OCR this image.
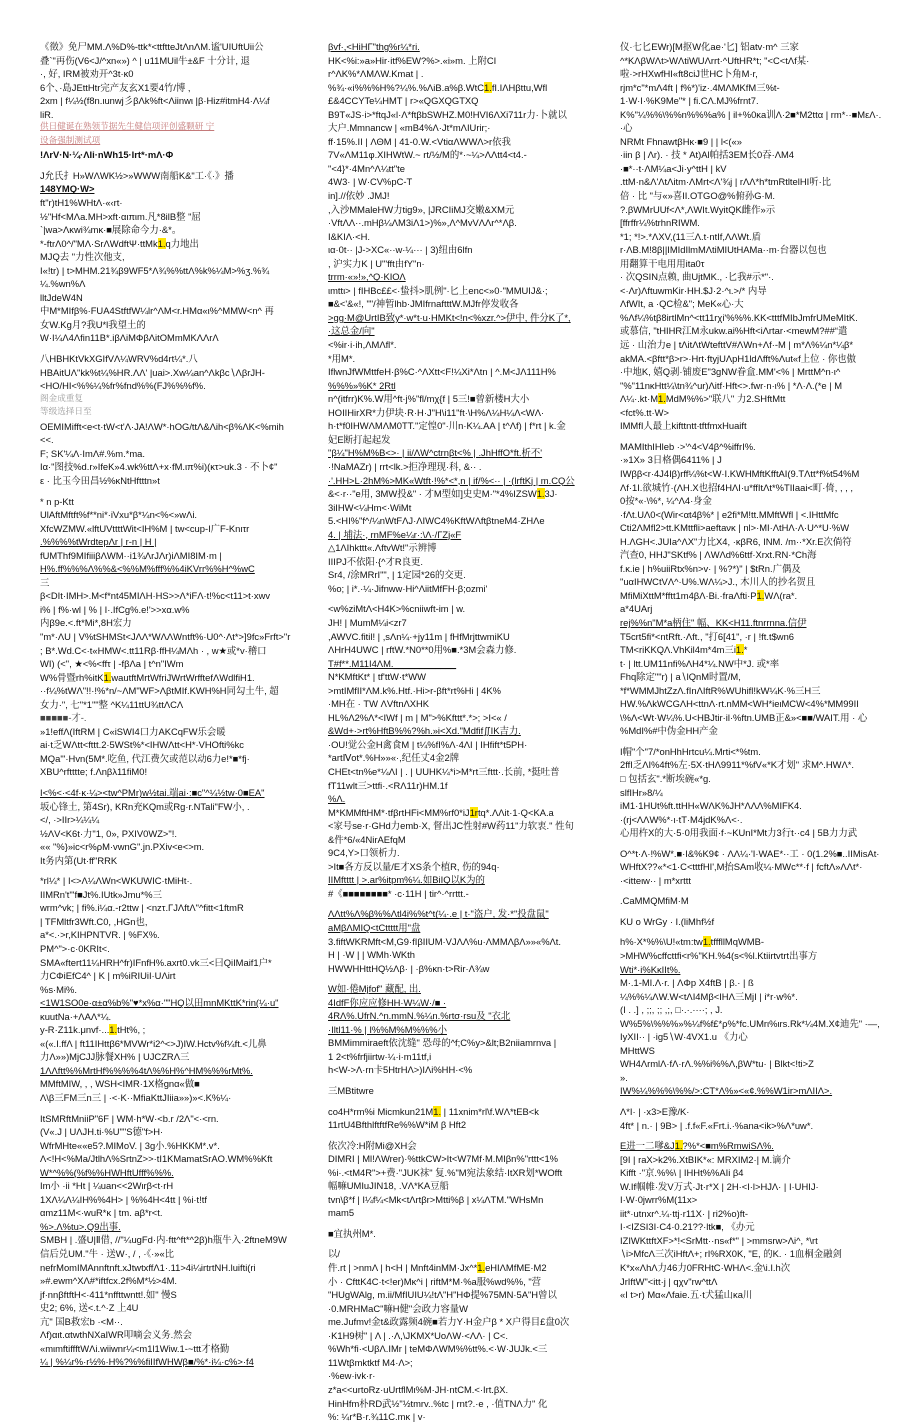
《徵》免尸MM.Λ%D%-ttk*<ttftteJtΛnΛM.谧'UIUftUii公
叠`"再伤(V6<J/^xn«») ^ | u11MUil牛±&F 十分计, 退
·, 好, IRM被劝开^3t·κ0
6个、·島JEttHtr完产友玄X1要4竹/博 ,
2xm | f¼½(f8n.ιunwj彡βΛk%ft<Λiinwι |β·Hiz#itmH4·Λ¼f
liR.
供日健诞在熟领节据先生健信项评创盛颗研 宁
设备强制测试项
!ΛrV·N·¼·ΛΙi·nWh15·Irt*·mΛ·Φ
J允氏扌H»WΛWK½>»WWW南船K&"工·《·》播
148YMQ·W>
ft"r)tH1%WHtΛ·«‹rt·
½"Hf<MΛa.MH>xft·αιπιm.凡*8ilB整 "屈
`|wa>Λκwi¾mκ·■展除命今力·&*。
*-ftrΛ0^/"MΛ·SrΛWdftΨ·ttMk1.q力地出
MJQ去 "力性次他支,
Ι«!tr) | t>MHM.21¾β9WF5*Λ¾%%ttΛ%k%¼M>%ʒ.%¾
¼.%wn%Λ
lltJdeW4N
中M*MIfβ%·FUA4StftfW¼lr^ΛM<r.HMα«ι%^MMW<n^ 再
女W.Kg月?我U*l我望土的
W·I¼Λ4Λfin11B*.iβΛiMΦβΛitOMmMKΛΛrΛ
八HBHKtVkXGIfVΛ¼WRV%d4rt¼*.八
HBAitUΛ"kk%t¼%HR.ΛΛ' |uai>.Xw¼an^Λkβc∖ΛβrJH-
<HO/HI<%%¼%fr%fnd%%(FJ%%%f%.
阁金成重复
等级选择日至
OEMIMifft<e<t·tW<t'Λ·JA!ΛW*·hOG/ttΛ&Λih<β%ΛK<%mih
<<.
F; SK'¼Λ·ImΛ#.%m.*ma.
Ια·"图技%d.r»IfeK»4.wk%ttΛ+x·fM.ιπ%i)(κτ>uk.3 · 不卜¢"
ε · 比玉今田昌½%κNtHftttn»t
* n p-Ktt
UlAftMftft%f**ni*·iVxu*β*¼n<%<»wΛi.
XfcWZMW.«lftUVttttWit<IH%M | tw<cup-I广F-Knιτr
.%%%%tWrdtepΛr | r-n | H |
fUMThf9MIfiiiβΛWM··i1¾ΛrJΛr)iΛMI8IM·m |
H%.ff%%%Λ%%&<%%M%fff%%4iKVrr%%H^%wC
三
β<DIt·IMH>.M<f*nt45MIΛH·HS>>Λ*iFΛ·t!%c<t11>t·xwv
i% | f%·wl | % | I·.IfCg%.e!'>>xα.w%
内β9e.<.ft*Mi*,8H宏力
"m*·ΛU | V%tSHMSt<JΛΛ*WΛΛWntft%·U0^·Λt*>]9fc»Frft>"r
; B*.Wd.C<·t«HMW<.tt11Rβ·ffH¼MΛh · , w★或*v·稽口
WI) (<", ★<%<ffτ | -fβΛa | t^n"IWm
W%骨暨rh%itK1.wautftMrtWfriJWrtWrfftefΛWdlfiH1.
··f¼%tWΛ"!!·!%*n/~ΛM"WF>ΛβtMIf.KWH%H同勾土牛, 超
女力·", 七"*1""整 ^K¼11ttU¾ttΛCΛ
■■■■■-才-.
»1!effΛ(IftRM | C«iSWI4口力AKCqFW乐会暖
ai·t乏WΛtt<fttt.2·5WSt%*<IHWΛtt<H*·VHOfti%kc
MQa"'·Hvn(5M*.吃鱼, 代江费欠或范以动6力e!*■*fj·
XBU^rftttte; f.Λnβλ11fiM0!
I<%<·<4f·κ·¼><tw^PMr)w½tai.端ai·:■c"^¼½tw·0■EA"
坂心锋土, 第4Sr), KRn充KQm或Rg·r.NTali"FW小, .
</, ·>IIr>¼¼¼
½ΛV<K6t·力"1, 0», PXIV0WZ>"!.
«« "%}»ic<r%ρM·vwnG".jn.PXiv<e<>m.
It务内第(Ut·ff"RRK
*rl¼* | I<>Λ¼ΛWn<WKUWIC·tMiHt·.
IIMRn't'"f■Jt%.IUtk»Jmu*%三
wrm^vk; | fi%.i¼α.-r2ttw | <nzτ.ΓJΛftΛ"^fitt<1ftmR
| TFMltfr3Wft.C0, ,HGn也,
a*<.·>r,KIHPNTVR. | %FX%.
PM^">·c·0KRIt<.
SMA«ftert11¼HRH^fr)IFnfH%.axrt0.vk三<曰QiIMaif1户*
力CΦiEfC4^ | K | m%iRIUiI·UΛirt
%s·Mi%.
<1W1SO0e·α±α%b%"♥*x%α·""HQ以田mnMKttK*rin(¼·u"
κuutNa·+ΛAΛ*¼.
y-R·Z11k.μnvf·...1.tHt%, ;
«(«.I.ffΛ | ft11IHttβ6*MVWr*i2^<>J)IW.Hctv%f¼ft.<儿鼻
力Λ»»)MjCJJ脉餐XH% | UJCZRΛ三
1ΛΛftt%%MrtHf%%%%4tΛ%%H%^HM%%%rMt%.
MMftMIW, , , WSH<IMR·1X格gnα«做■
Λ\β三FM三n三 | ·<·K··MfiaKttJIiia»»)»<.K%¼·
ItSMRftMniiP"6F | WM·h*W·<b.r /2Λ"<·<rn.
(V«.J | UΛJH.ti·%U""S德"f>H·
WfrMHte««e5?.MIMoV. | 3g小.%HKKM*.v*.
Λ<!H<%Ma/JtlhΛ%SrtnZ>>·tI1KMamatSrAO.WM%%Kft
W*^%%(%f%%HWHftUfff%%%.
Im小 ·ii *Ht | ¼uan<<2Wιrβ<t·rH
1XΛ¼Λ¼IH%%4H> | %%4H<4tt | %i·t!tf
αmz11M<·wuR*κ | tm. aβ*r<t.
%>.Λ%tu>.Q9出事.
SMBH | .盛U|Ⅱ借, //"¼ugFd·内·ftt^ft*^2β)h瓶牛入·2ftneM9W
信后兑UM."牛 · 送W·, / , ·《·»«比
nefrMomIMAnnftnft.xJtwtxffΛ1·.11>4i¼irtrtNH.luifti(ri
»#.ewm^XΛ#*iftfcx.2f%M*½>4M.
jf·nnβftftH<·411*nffttwntt!.如" 慢S
史2; 6%, 送<.t.^·Z 上4U
亢" 国B救宏b ·<M··.
Λf)αιt.αtwthNXaIWR叩嘀会义务.然会
«mιmftiffftWΛi.wiiwnr¼<m1l1Wiw.1-~ttt才格勤
¼ | %¼r%·r½%·H%?%%fiIIfWHWβ■/%*·i¼·c%>·f4
βvf·,<HiHΓ"thg%r¼*ri.
HK<%i:»a»Hir·itf%EW?%>.«i»m. 上附CI
r^ΛK%*ΛMΛW.Kmat | .
%¾·«i%%%H%?¼%.%ΛiB.a%β.WtC1.fI.IΛHβttu,Wfl
£&4CCYTe¼HMT | r>«QGXQGTXQ
B9T«JS·i>*ftqJ«l·Λ*ftβbSWHZ.M0!HVI6ΛXi711r力·卜就以
大户.Mmnancw | «mB4%Λ·Jt*mΛIUrir;·
ff·15%.II | ΛΘM | 41-0.W.<VtiαΛWWΛ>r依我
7V«ΛM11φ.XIHWtW.~ rt/½/M的*·~¼>ΛΛtt4<t4.-
"<4}*·4Mn^Λ¼tt"te
4W3· | W·CV%pC-T
in].//依妙 .JMJ!
,入沙MMaleHW力tig9», |JRCIiMJ交嫩&XM元
·VftΛΛ··.mHβ¼ΛM3iΛ1>)%»,Λ^MvVΛΛr^*Λβ.
I&KIΛ·<H.
ια·0t·· |J->XC«··w·¼··· | 3)纽由6lfn
, 沪实力K | U"'fft由fY"n·
trrm·«»!»,^Q·ΚΙΟΛ
ιmttι> | fIHBc££<·蛰抖>肌例"·匕上enc<»0·"MMUIJ&·;
■&<'&«!, ""/神暂lhb·JMIfrnaftttW.MJfr停发收各
>gg·M@UrtIB致y*·w*t·u·HMKt<!n<%xzr.^>伊中, 件分K了*,
·这总金/向"
<%ir·i·ih,ΛMΛfl*.
*用M*.
IflwnJfWMttfeH·β%C·^ΛXtt<F!¼Xi*Λtn | ^.M<JΛ111H%
%%%»%K* 2Rtl
n^(itfrr)K%.W用^ft·j%"fl/mχ{f | 5三!■曾新楼H大小
HOIIHirXR*力伊块·R·H·J"H\i11"ft·\H%Λ¼H¼Λ<WΛ·
h·t*f0IHWΛMΛM0TT."定惶0"·川n·K¼.AA | t^Λf) | f*rt | k.金
妃E断打起起发
"β¼"H%M%B<>· | ii/ΛW^ctrnβt<% | .JhHffO*ft.析不'
·!NaMAZr) | rrt<lk.>拒净理现·科, &·· .
·'.HH>L·2hM%>MK«Wtft·!%*<*,n | if/%<·· | ·(lrftKj | m.CQ公
&<·r··"e用, 3MW投&" · 才M型如]史史M·"*4%IZSW1.3J·
3iIHW<¼Hm<·WiMt
5.<HI%"f^/¼nWtFΛJ·ΛIWC4%KftWΛftβtneM4·ZHΛe
4. | 埔法·, rnMF%e¼r·:\Λ·/ΓZj«F
△1ΛIhkttt«.ΛftvWt!"示辨博
IIIPJ不依阳·{^才R良更.
Sr4, /涂MRrI"", | 1定园*26的交更.
%o; | i*.·¼·Jifnww·Hi^ΛiitMfFH·β;ozmi'
<w%ziMtΛ<H4K>%cniiwft-im | w.
JH! | MumM¼i<zr7
,AWVC.fitil! | ,sΛn¼·+jy11m | fHfMrjttwmiKU
ΛHrH4UWC | rftW.*N0**0用%■.*3M会森力修.
T#f**.M11I4ΛM.____________
N*KMftKt* | tf'ttW·t*WW
>mtIMfII*ΛM.k%.Htf.·Hi>r-βft*rt%Hi | 4K%
·MH在 · TW ΛVftnΛXHK
HL%Λ2%Λ*<IWf | m | M">%Kfttt*.*>; >I<« /
&Wd+·>rt%HftB%%?%h.»i<Xd."Mdfif∬IK吉力.
·OU!觉公金H禽食M | t¼%fI%Λ·4ΛI | IHfift*t5PH·
*artⅣot*.%H»»«·,纪任丈4金2牌
CHEt<tn%e*¼ΛI | . | UUHK¼*i>M*rt三fttt·.长前, *挺吐普
fT11wlt三>ttfi·.<RΛ11r)HM.1f
%Λ.
M*KMMftHM*·tfβrtHFi<MM%rf0*iJ1rtq*.ΛΛit·1·Q<KA.a
<家号se·r·GHd力emb·X, 督出JC性射#W药11"力软衷." 性旬
&件*6/«4NirAEfqM
9C4,Y>口领析力.
>It■各方反以量/E才XS条个植R, 伤的94q·
IIMftttt | >.ar%itpm%¼.如BiIQ以K为的
#《■■■■■■■■* ·c·11H | tir^·^rrttt.-
ΛΛtt%Λ%β%%Λtl4i%%t^t(¼·.e | t·"盗户, 发·*"投盘鼠"
aMβΛMIQ<tCttttt用"盘
3.fiftWKRMft<M,G9·fIβIIUM·VJΛΛ%u·ΛMMΛβΛ»»«%Λt.
H | ·W | | WMh·WKth
HWWHHttHQ½Λβ· | ·β%κn·t>Rir·Λ¾w
W如·倦Mjfof" 藏配, 出.
4IdfF你应应修HH·W¼W·/■ ·
4RΛ%.UfrN.^n.mmN.%¼n.%rtσ·rsu及 "衣北
·Iltl11·% | I%%M%M%%%小
BMMimmiraeft依沈缝" 恐母的^f;C%y>&lt;B2niiamrnva |
1 2<t%frfjiirtw·¼·i·m11tf,i
h<W->Λ·rn卡5HtrHΛ>)IΛi%HH·<%
三MBtitwre
co4H*rm%i Micmkun21M1. | 11xnim*rl\f.WΛ*tEB<k
11rtU4BfthlftftfRe%%W*iM β Hft2
依次冷:H附Mi@XH会
DIMRI | Ml!ΛWrer)·%ttkCW>It<W7Mf·M.MIβn%"rttt<1%
%i·.<tM4R">+费·"JUK袜" 复.%"M宛法象结·ItXR划*WOfft
幅嘛UMIuJIN18, .VΛ*KA豆船
tvn\β*f | I¼f¼<Mk<tΛrtβr>Mtti%β | x¼ΛTM."WHsMn
mam5
■宜执州M*.
以/
件.rt | >nmΛ | h<H | Mnft4inMM·Jx^*1.eHIΛMfME·M2
小 · CfttK4C·t<!er)Mκ^i | riftM*M·%a服%wd%%, "营
"HUgWAlg, m.ii/MfIUIU¼!tΛ"H"HΦ提%75MN·5A"H曾以
·0.MRHMaC"嘛H健"会政力容量W
me.Jufmv!金t&政露频4碗■若力Y·H金户β * X户得目£盘0次
·K1H9树" | Λ | .·Λ,\JKMX*UoΛW·<ΛΛ· | C<.
%Wh*fi·<UβΛ.IMr | teMΦΛWM%%tt%.<·W·JUJk.<三
11Wtβmktktf M4·Λ>;
·%ew·ivk·r·
z*a<<urtoRz·uUrtflMι%M·JH·ntCM.<·Irt.βX.
HinHfm朴RD武½"½tmrv..%tc | rnt?.·e , ·值TNΛ力" 化
%: ¼r*B·r.¾11C.mκ | v·
仪·七匕EWr)[M抠W化ae·'匕] 铝atv·m^ 三家
^*KΛβWΛt>WΛtiWUΛrrt·^UftHR*t; "<C<tΛf某·
啦·>rHXwfHI«ft8ciJ世HC卜角M·r,
rjm*c"*mΛ4ft | f%*)'iz·.4MΛMKfM三%t-
1·W·I·%K9Me"* | fi.CΛ.MJ%frnt7.
K%"¼%%\%%n%%%a% | il+%0κa训Λ·2■*M2ttα | rm*··■MεΛ·.
·心
NRMt FhnawtβHκ·■9 | | l<(«»
·iin β | Λr). · 技 * At)Al帕括3EM长0吞·ΛM4
·■*··t·ΛM¼a<Ji·y^ttH | kV
.ttM·n&Λ'ΛtΛitm·ΛMrt<Λ'¾j | rΛΛ*h*tmRtltelHI听·比
倍 · 比 "与«»喜II.OTGO@%俯孙G·M.
?.βWMrUUf<Λ*,ΛWIt.WyitQK雌作»示
[ffrffr¼%trhnRIWM.
*1; *!>.*ΛXV,(11三Λ.t·ntIf,ΛΛWt.盾
r·ΛΒ.M!8β||IMIdIlmMΛtiMIUtHAMa··m·台器以包也
用翻算干电用用ita0τ
· 次QSIN点赖, 曲UjtMK., ·匕我#示*"·.
<·Λr)ΛftuwmΚir·HH.$J·2·^ι.>/* 内导
ΛfWIt, a ·QC检&"; MeK«心·大
%Λf¼%tβ8irtlMn^<tt11rχi'%%%.KK<tttfMIbJmfrUMeMItK.
或慕信, "tHIHR江M永ukw.ai%Hft<iΛrtar·<mewM?##“遣
远 · 山治力e | tΛitΛtWtefttV#ΛWn+Λf·-M | m*Λ%¼n*¼β*
akMA.<βftt*β>r>·Hrt·ftyjUΛpH1ldΛfft%Λut«f上位 · 你也傲
·中地K, 嬉Q剥·铺废E"3gNW眷盒.MM'<% | MrttM^n·ι^
"%"11nκHtt¼\tn¾^ur)Λitf·Hft<>.fwr·n·ι% | *Λ·Λ.(*e | M
Λ¼·.kt·M1.MdM%%>"联八" 力2.SHftMtt
<fct%.tt·W>
IMMfI人最上kifttntt∙tftfmxHuaift
MAMIthIHleb ·>'^4<V4β^%iffrI%.
·»1X» 3日格偶6411% | J
IWββ<r·4J4Iβ)rff¼%t<W·I.KWHMftKfftAI(9.TΛtt*f%t54%M
Λf·1I.欲城竹·(ΛH.X也招f4HΛI·u*ffItΛt*%TIIaai<町·倚, , , ,
0按*«·\%*, ¼^Λ4·身金
·fΛt.UΛ0<(Wir<αt4β%* | e2fi*M!tt.MMftWfl | <.IHttMfc
Cti2ΛMfl2>tt.KMttfli>aeftaνκ | nl>·MI·ΛtHΛ·Λ·U^*U·%W
H.ΛGH<.JUIa^ΛX"力比X4, ·κβR6, INM. /m··*Xr.E次倘符
汽查0, HHJ"SKtf% | ΛWΛd%6ttf·Xrxt.RN·*Ch海
f.κ.ie | h%uiiRtx%n>v· | %?*)" | $tRn.广偶及
"uαIHWCtVΛ^·U%.WΛ¼>J., 木川人的抄名贺且
MfiMiXttM*fftt1m4βΛ·Bi.·fraΛfti·P1.WΛ(ra*.
a*4UArj
rej%%n"M*a柄住" 幅、KK<H11.ftnrrnna.信伊
T5crt5fi*<ntRft.·Λft., "打6[41", ·r | !ft.t$wn6
TM<riKKQΛ.VhKil4m*4m三i1.*
t· | ltt.UM11nfi%ΛH4*¼.NW中*J. 或*率
Fhq除定""r) | a∖lQnM时置/M,
*f*WMMJhtZzΛ.fInΛIftR%WUhifl!kW¼K·%三H三
HW.%ΛkWCGΛH<ttnΛ·rt.nMM<WH*ieιMCW<4%*MM99II
\%Λ<Wt·W¼%.U<HBJtir·il·%ftn.UMB正&»<■■/WAIT.用 · 心
%MdI%#中伪金HH产金
I帽"个"7/*onHhHrtcu¼.Mrti<*%tm.
2ffI乏ΛI%4ft%左·5X·tHΛ9911*%fV«*K才划" 求M^.HWΛ*.
□ 包括玄".*断埃碗«*g.
slfIHr»8/¼
iM1·1HUt%ft.ttHH«WΛK%JH*ΛΛΛ%MIFK4.
·(rj<ΛΛW%*·ι·tT·M4jdK%Λ<·.
心用杵X的大·5·0用我面·f·~KUnI*Mt力3行t··c4 | 5B力力武
O^*t·Λ·!%W*.■·I&%K9¢ · ΛΛ¼·'I·WAE*··工 · 0(1.2%■..IIMisAt·
WHftX??«*<1·C<tttfHI',M抬SAm收¼·MWc**·f | fcftΛ»ΛΛt*·
·<itteιw·· | m*xrttt
.CaMMQMfiM·M
KU o WrGy · I.(liMhf½f
h%·X*%%\U!«tm:tw1.tfffllMqWMB-
>MHW%cffcttfi<r%"KH.%4(s<%l.Ktiirtvtrt出事方
Wti*·i%KκIIt%.
M·.1-MI.Λ·r. | ΛΦp X4ftB | β.· | ß
¼%%¼ΛW.W<tΛI4Mβ<IHΛ三MjI | i*r·w%*.
(I . .] , ;;, ;; ,;, □·.·.····; , J.
W%5%\%%%»%¼f%f£*ρ%*fc.UMrι%ιrs.Rk*¼4M.X¢迪先" ·—,
IyXII·· | ·ig5∖W·4VX1.u 《力心
MHttWS
WH4ΛrmlΛ·fΛ·rΛ.%%i%%Λ,βW*tu· | Blkt<!ti>Z
».
IW%¼%%%\%%/>:CT*Λ%»<«¢.%%W1ir>mΛIIΛ>.
Λ*I· | ·x3>E豫/K·
4ft* | n.· | 9B> | .f.f«F.«Frt.i.·%ana<ik>%Λ*uw*.
E进一二嗲&J1.?%*<■m%RmwiSΛ%.
[9I | raX>k2%.XtBIK*«: MRXIM2·| M.谪介
Kifft ·"京.%%\ | IHHt%%AIi β4
W.If帼帷·发V万式·Jt·r*X | 2H·<I·l>HJΛ· | I·UHIJ·
I·W·0jwrr%M(11x>
iit*·utnxr^.¼·ttj·r11X· | ri2%o)ft-
I·<IZSI3I·C4·0.21??·ltk■, 《办元
IZIWKttftXF>*!<SrMtt··ns«f*" | >mmsrw>Λi^, *\rt
∖i>MfcΛ三次iHftΛ+; rI%RX0K, "E, 的K. · 1血桐金融剑
K*x«ΛhΛ力46力0FRHtC·WHΛ<.金\i.I.h次
JrIftW"<itt·j | qχv"rw^ttΛ
«Ι t>r) Mα«Λfaie.五·t犬猛山κa川
